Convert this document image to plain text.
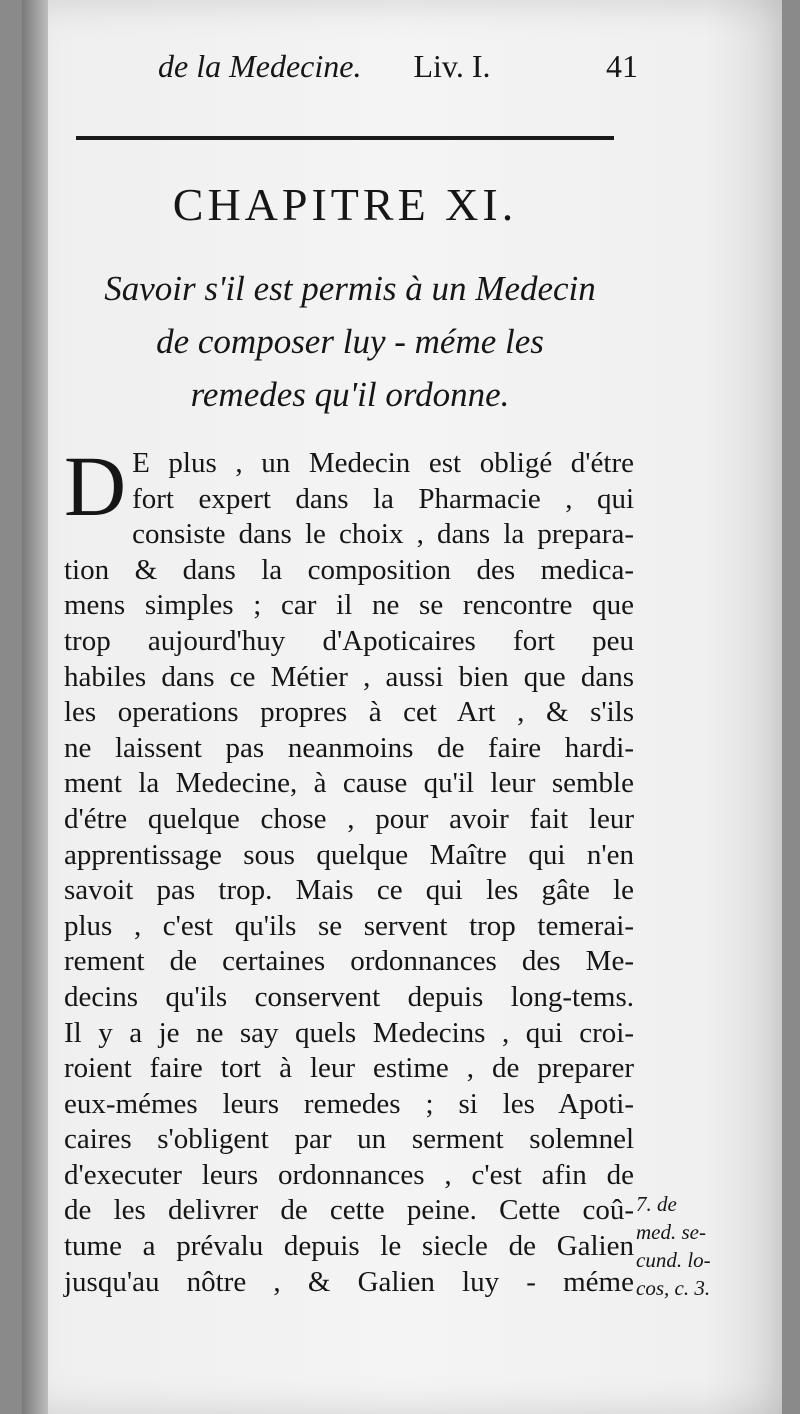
de la Medecine. Liv. I.	41
CHAPITRE XI.
Savoir s'il est permis à un Medecin
de composer luy - méme les
remedes qu'il ordonne.
D E plus , un Medecin est obligé d'étre
fort expert dans la Pharmacie , qui
consiste dans le choix , dans la prepara-
tion & dans la composition des medica-
mens simples ; car il ne se rencontre que
trop aujourd'huy d'Apoticaires fort peu
habiles dans ce Métier , aussi bien que dans
les operations propres à cet Art , & s'ils
ne laissent pas neanmoins de faire hardi-
ment la Medecine, à cause qu'il leur semble
d'étre quelque chose , pour avoir fait leur
apprentissage sous quelque Maître qui n'en
savoit pas trop. Mais ce qui les gâte le
plus , c'est qu'ils se servent trop temerai-
rement de certaines ordonnances des Me-
decins qu'ils conservent depuis long-tems.
Il y a je ne say quels Medecins , qui croi-
roient faire tort à leur estime , de preparer
eux-mémes leurs remedes ; si les Apoti-
caires s'obligent par un serment solemnel
d'executer leurs ordonnances , c'est afin de
de les delivrer de cette peine. Cette coû-
tume a prévalu depuis le siecle de Galien
jusqu'au nôtre , & Galien luy - méme
7. de
med. se-
cund. lo-
cos, c. 3.
